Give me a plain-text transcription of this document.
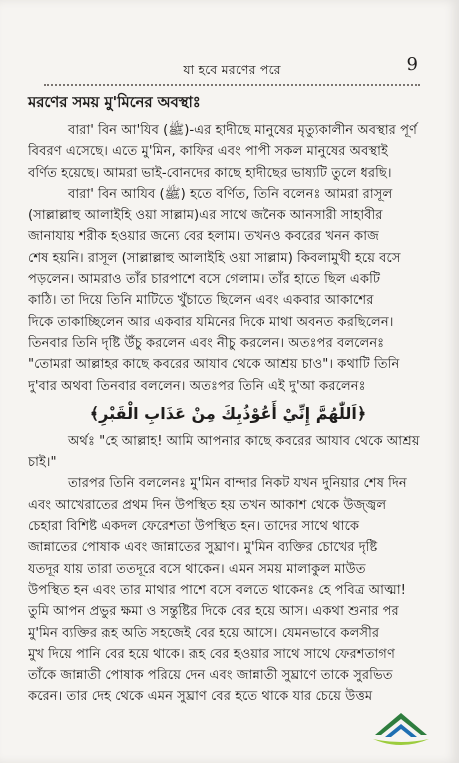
যা হবে মরণের পরে	9
মরণের সময় মু'মিনের অবস্থাঃ
বারা' বিন আ'যিব (ﷺ)-এর হাদীছে মানুষের মৃত্যুকালীন অবস্থার পূর্ণ
বিবরণ এসেছে। এতে মু'মিন, কাফির এবং পাপী সকল মানুষের অবস্থাই
বর্ণিত হয়েছে। আমরা ভাই-বোনদের কাছে হাদীছের ভাষ্যটি তুলে ধরছি।
বারা' বিন আযিব (ﷺ) হতে বর্ণিত, তিনি বলেনঃ আমরা রাসূল
(সাল্লাল্লাহু আলাইহি ওয়া সাল্লাম)এর সাথে জনৈক আনসারী সাহাবীর
জানাযায় শরীক হওয়ার জন্যে বের হলাম। তখনও কবরের খনন কাজ
শেষ হয়নি। রাসূল (সাল্লাল্লাহু আলাইহি ওয়া সাল্লাম) কিবলামুখী হয়ে বসে
পড়লেন। আমরাও তাঁর চারপাশে বসে গেলাম। তাঁর হাতে ছিল একটি
কাঠি। তা দিয়ে তিনি মাটিতে খুঁচাতে ছিলেন এবং একবার আকাশের
দিকে তাকাচ্ছিলেন আর একবার যমিনের দিকে মাথা অবনত করছিলেন।
তিনবার তিনি দৃষ্টি উঁচু করলেন এবং নীচু করলেন। অতঃপর বললেনঃ
"তোমরা আল্লাহর কাছে কবরের আযাব থেকে আশ্রয় চাও"। কথাটি তিনি
দু'বার অথবা তিনবার বললেন। অতঃপর তিনি এই দু'আ করলেনঃ
﴿اَللّٰهُمَّ إِنِّيْ أَعُوْذُبِكَ مِنْ عَذَابِ الْقَبْرِ﴾
অর্থঃ "হে আল্লাহ! আমি আপনার কাছে কবরের আযাব থেকে আশ্রয়
চাই।"
তারপর তিনি বললেনঃ মু'মিন বান্দার নিকট যখন দুনিয়ার শেষ দিন
এবং আখেরাতের প্রথম দিন উপস্থিত হয় তখন আকাশ থেকে উজ্জ্বল
চেহারা বিশিষ্ট একদল ফেরেশতা উপস্থিত হন। তাদের সাথে থাকে
জান্নাতের পোষাক এবং জান্নাতের সুঘ্রাণ। মু'মিন ব্যক্তির চোখের দৃষ্টি
যতদূর যায় তারা ততদূরে বসে থাকেন। এমন সময় মালাকুল মাউত
উপস্থিত হন এবং তার মাথার পাশে বসে বলতে থাকেনঃ হে পবিত্র আত্মা!
তুমি আপন প্রভুর ক্ষমা ও সন্তুষ্টির দিকে বের হয়ে আস। একথা শুনার পর
মু'মিন ব্যক্তির রূহ অতি সহজেই বের হয়ে আসে। যেমনভাবে কলসীর
মুখ দিয়ে পানি বের হয়ে থাকে। রূহ বের হওয়ার সাথে সাথে ফেরশতাগণ
তাঁকে জান্নাতী পোষাক পরিয়ে দেন এবং জান্নাতী সুঘ্রাণে তাকে সুরভিত
করেন। তার দেহ থেকে এমন সুঘ্রাণ বের হতে থাকে যার চেয়ে উত্তম
